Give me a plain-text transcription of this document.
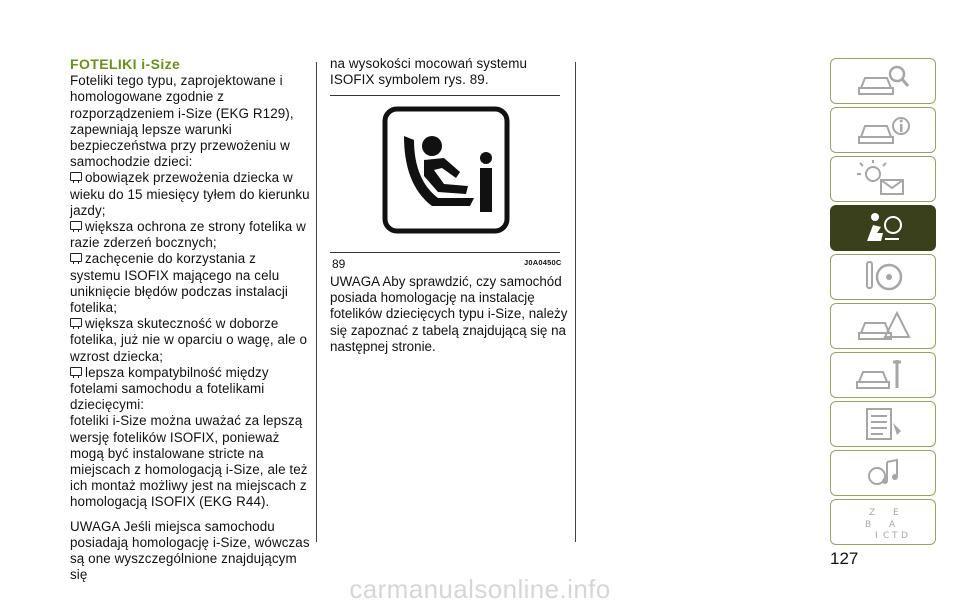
FOTELIKI i-Size

Foteliki tego typu, zaprojektowane i homologowane zgodnie z rozporządzeniem i-Size (EKG R129), zapewniają lepsze warunki bezpieczeństwa przy przewożeniu w samochodzie dzieci:

obowiązek przewożenia dziecka w wieku do 15 miesięcy tyłem do kierunku jazdy;

większa ochrona ze strony fotelika w razie zderzeń bocznych;

zachęcenie do korzystania z systemu ISOFIX mającego na celu uniknięcie błędów podczas instalacji fotelika;

większa skuteczność w doborze fotelika, już nie w oparciu o wagę, ale o wzrost dziecka;

lepsza kompatybilność między fotelami samochodu a fotelikami dziecięcymi:

foteliki i-Size można uważać za lepszą wersję fotelików ISOFIX, ponieważ mogą być instalowane stricte na miejscach z homologacją i-Size, ale też ich montaż możliwy jest na miejscach z homologacją ISOFIX (EKG R44).

UWAGA Jeśli miejsca samochodu posiadają homologację i-Size, wówczas są one wyszczególnione znajdującym się

na wysokości mocowań systemu ISOFIX symbolem rys. 89.

89	J0A0450C

UWAGA Aby sprawdzić, czy samochód posiada homologację na instalację fotelików dziecięcych typu i-Size, należy się zapoznać z tabelą znajdującą się na następnej stronie.

Z E
B A
I C T D
127
carmanualsonline.info
